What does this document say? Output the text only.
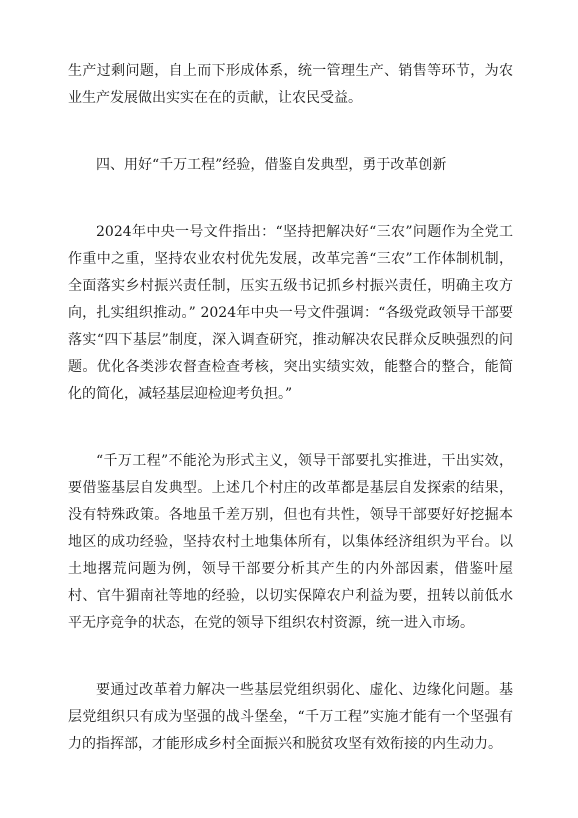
生产过剩问题，自上而下形成体系，统一管理生产、销售等环节，为农业生产发展做出实实在在的贡献，让农民受益。

四、用好“千万工程”经验，借鉴自发典型，勇于改革创新

2024年中央一号文件指出：“坚持把解决好“三农”问题作为全党工作重中之重，坚持农业农村优先发展，改革完善“三农”工作体制机制，全面落实乡村振兴责任制，压实五级书记抓乡村振兴责任，明确主攻方向，扎实组织推动。” 2024年中央一号文件强调：“各级党政领导干部要落实“四下基层”制度，深入调查研究，推动解决农民群众反映强烈的问题。优化各类涉农督查检查考核，突出实绩实效，能整合的整合，能简化的简化，减轻基层迎检迎考负担。”

“千万工程”不能沦为形式主义，领导干部要扎实推进，干出实效，要借鉴基层自发典型。上述几个村庄的改革都是基层自发探索的结果，没有特殊政策。各地虽千差万别，但也有共性，领导干部要好好挖掘本地区的成功经验，坚持农村土地集体所有，以集体经济组织为平台。以土地撂荒问题为例，领导干部要分析其产生的内外部因素，借鉴叶屋村、官牛猸南社等地的经验，以切实保障农户利益为要，扭转以前低水平无序竞争的状态，在党的领导下组织农村资源，统一进入市场。

要通过改革着力解决一些基层党组织弱化、虚化、边缘化问题。基层党组织只有成为坚强的战斗堡垒，“千万工程”实施才能有一个坚强有力的指挥部，才能形成乡村全面振兴和脱贫攻坚有效衔接的内生动力。
